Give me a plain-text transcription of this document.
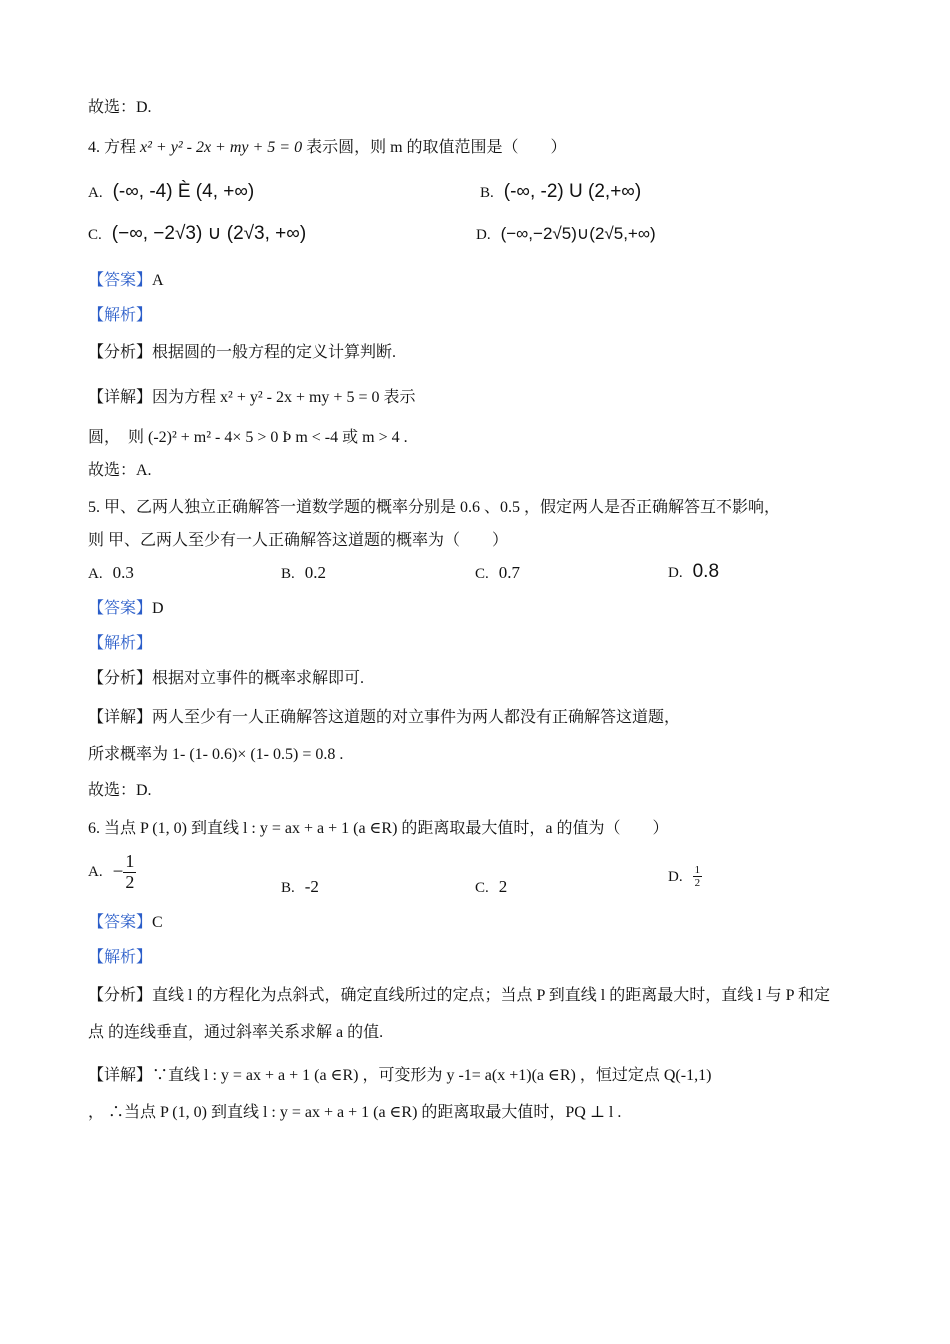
故选：D.
4. 方程 x² + y² - 2x + my + 5 = 0 表示圆，则 m 的取值范围是（　　）
A. (-∞, -4) È (4, +∞)	B. (-∞, -2) U (2,+∞)
C. (−∞, −2√3) ∪ (2√3, +∞)	D. (−∞,−2√5)∪(2√5,+∞)
【答案】A
【解析】
【分析】根据圆的一般方程的定义计算判断.
【详解】因为方程 x² + y² - 2x + my + 5 = 0 表示
圆，　则 (-2)² + m² - 4× 5 > 0 Þ m < -4 或 m > 4 .
故选：A.
5. 甲、乙两人独立正确解答一道数学题的概率分别是 0.6 、0.5 ，假定两人是否正确解答互不影响，
则 甲、乙两人至少有一人正确解答这道题的概率为（　　）
A. 0.3	B. 0.2	C. 0.7	D. 0.8
【答案】D
【解析】
【分析】根据对立事件的概率求解即可.
【详解】两人至少有一人正确解答这道题的对立事件为两人都没有正确解答这道题，
所求概率为 1- (1- 0.6)× (1- 0.5) = 0.8 .
故选：D.
6. 当点 P (1, 0) 到直线 l : y = ax + a + 1 (a ∈R) 的距离取最大值时，a 的值为（　　）
A. − $\frac{1}{2}$	B. -2	C. 2
D. $\frac{1}{2}$
【答案】C
【解析】
【分析】直线 l 的方程化为点斜式，确定直线所过的定点；当点 P 到直线 l 的距离最大时，直线 l 与 P 和定
点 的连线垂直，通过斜率关系求解 a 的值.
【详解】∵直线 l : y = ax + a + 1 (a ∈R) ，可变形为 y -1= a(x +1)(a ∈R) ，恒过定点 Q(-1,1)
， ∴当点 P (1, 0) 到直线 l : y = ax + a + 1 (a ∈R) 的距离取最大值时，PQ ⊥ l .
